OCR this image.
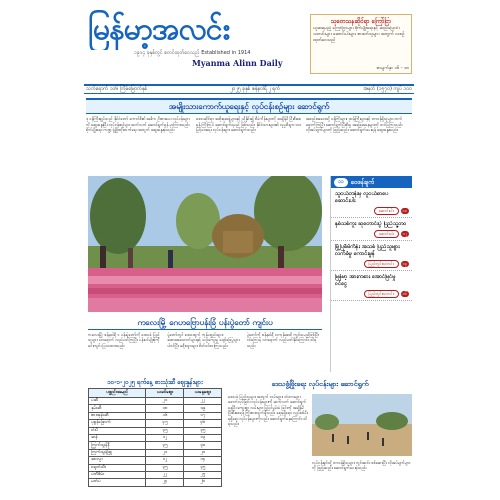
မြန်မာ့အလင်း
၁၉၁၄ ခုနှစ်တွင် စတင်ထုတ်ဝေသည် Established in 1914
Myanma Alinn Daily
သုတေသနဆိုင်ရာ ကြော်ငြာ
ယူဆရမည့် ကြော်ငြာများ စိုက်ပျိုးရေးနှင့် ဆည်မြောင်း သတင်းများ ဆောင်းပါးများ စာဖတ်သူများ အတွက် လစဉ် ထုတ်ဝေသည်
စာမျက်နှာ ၁၆ - ၁၈
သက်ရောက် ၁၀၆ ကြိမ်မြောက်နှစ်	၂၀၂၅ ခုနှစ် ဇန်နဝါရီ ၂ ရက်	အမှတ် (၁၅၇၀) ကျပ် ၁၀၀
အမျိုးသားကောက်ယူရေးနှင့် လုပ်ငန်းစဉ်များ ဆောင်ရွက်
ဒု ဝန်ကြီးချုပ်သည် နိုင်ငံတော် ကောင်စီ၏ အဓိက ဦးစားပေး လုပ်ငန်းများကို ဆွေးနွေးပြီး လုပ်ငန်းစဉ်များ ဆက်လက် ဆောင်ရွက်ရန် မှာကြားသည်။ စိုက်ပျိုးရေး ကဏ္ဍ ဖွံ့ဖြိုးတိုးတက်ရေး အတွက် ဆွေးနွေးခဲ့သည်။
ဒေသဆိုင်ရာ အစိုးရအဖွဲ့များနှင့် ညှိနှိုင်း၍ စီမံကိန်းများကို အချိန်မီ ပြီးစီးစေရန် ကြီးကြပ် ဆောင်ရွက်ရမည် ဖြစ်သည်။ နိုင်ငံသားများ၏ လူမှုစီးပွား ဘဝ မြင့်မားရေး လုပ်ငန်းများ ဆောင်ရွက်သည်။
အစည်းအဝေးသို့ ဝန်ကြီးများ၊ ဒုဝန်ကြီးများနှင့် တာဝန်ရှိသူများ တက်ရောက်ကြပြီး ဆောင်ရွက်ပြီးစီးမှု အခြေအနေများကို တင်ပြကြသည်။ လိုအပ်ချက်များကို ဖြည့်ဆည်း ဆောင်ရွက်ပေးရန် ဆွေးနွေးသည်။
၁၁	ဝေဖန်ချက်
သူငယ်တန်းမှ လူငယ်စာပေ ဆောင်းပါး
ဆောင်းပါး	၁၀
နှစ်သစ်ကူး ဆုတောင်းပွဲ ပြည်သူ့ဘဝ
ဆောင်းပါး	၁၂
မြို့ပြစီမံကိန်း အသစ် ပြည်သူများ လက်ခံမှု ကောင်းမွန်
ပြည်တွင်းသတင်း	၁၄
မြန်မာ့ အားကစား အောင်မြင်မှု ဝင်ငွေ
ပြည်တွင်းသတင်း	၁၆
ကလေးမြို့ ဂေဟဗြောပန်းခြံ ပန်းပွဲတော် ကျင်းပ
ကလေးမြို့၊ ဇန်နဝါရီ ၁ ပန်းပွဲတော်ကို ဒေသခံ ပြည်သူများ လာရောက် လည်ပတ်ကြပြီး ပန်းပင်မျိုးစုံကို ခင်းကျင်း ပြသထားသည်။
ပွဲတော်တွင် ဒေသထွက် ကုန်ပစ္စည်းများ၊ အစားအသောက်များနှင့် ယဉ်ကျေးမှု ဖျော်ဖြေပွဲများ ပါဝင်ပြီး ခရီးသွားများ စိတ်ဝင်စားကြသည်။
ပွဲတော်ကို ဇန်နဝါရီ လကုန်အထိ ကျင်းပမည်ဖြစ်ပြီး ဝင်ကြေးမဲ့ လာရောက် လည်ပတ်နိုင်ကြောင်း သိရသည်။
၁၀-၁-၂၀၂၅ ရက်နေ့ စားသုံးဆီ ဈေးနှုန်းများ
ပစ္စည်းအမည်	ယခင်ဈေး	ယနေ့ဈေး
ပဲဆီ	၂၁	၂၂
နှမ်းဆီ	၁၈	၁၉
စားအုန်းဆီ	၁၆	၁၇
ပုစွန်ခြောက်	၄၅	၄၆
ငါးပိ	၃၅	၃၅
ဆန်	၁၂	၁၃
ကြက်သွန်နီ	၃၅	၃၀
ကြက်သွန်ဖြူ	၂၁	၂၀
အာလူး	၁၂	၁၄
ငရုတ်သီး	၃၅	၃၅
ပဲတီစိမ်း	၂၂	၂၅
မတ်ပဲ	၂၄	၂၆
ဒေသဖွံ့ဖြိုးရေး လုပ်ငန်းများ ဆောင်ရွက်
ဒေသခံ ပြည်သူများ အတွက် လမ်းများ၊ တံတားများ ဖောက်လုပ်ခြင်း လုပ်ငန်းများကို ဆက်လက် ဆောင်ရွက်နေပြီး ကျေးရွာ လမ်းများ ပြုပြင်မွမ်းမံ ခြင်းကို အချိန်မီ ပြီးစီးစေရန် ကြိုးစားလျက်ရှိသည်။ ရေရရှိရေး၊ လျှပ်စစ်မီး ရရှိရေး လုပ်ငန်းများကိုလည်း ဆောင်ရွက်နေကြောင်း သိရသည်။
လုပ်ငန်းခွင်သို့ တာဝန်ရှိသူများ ကွင်းဆင်း စစ်ဆေးပြီး လိုအပ်ချက်များကို ဖြည့်ဆည်း ဆောင်ရွက်ပေးခဲ့သည်။
